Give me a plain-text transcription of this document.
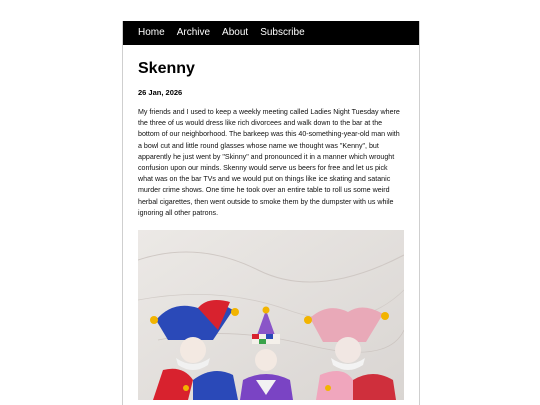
Home Archive About Subscribe
Skenny
26 Jan, 2026

My friends and I used to keep a weekly meeting called Ladies Night Tuesday where the three of us would dress like rich divorcees and walk down to the bar at the bottom of our neighborhood. The barkeep was this 40-something-year-old man with a bowl cut and little round glasses whose name we thought was "Kenny", but apparently he just went by "Skinny" and pronounced it in a manner which wrought confusion upon our minds. Skenny would serve us beers for free and let us pick what was on the bar TVs and we would put on things like ice skating and satanic murder crime shows. One time he took over an entire table to roll us some weird herbal cigarettes, then went outside to smoke them by the dumpster with us while ignoring all other patrons.
